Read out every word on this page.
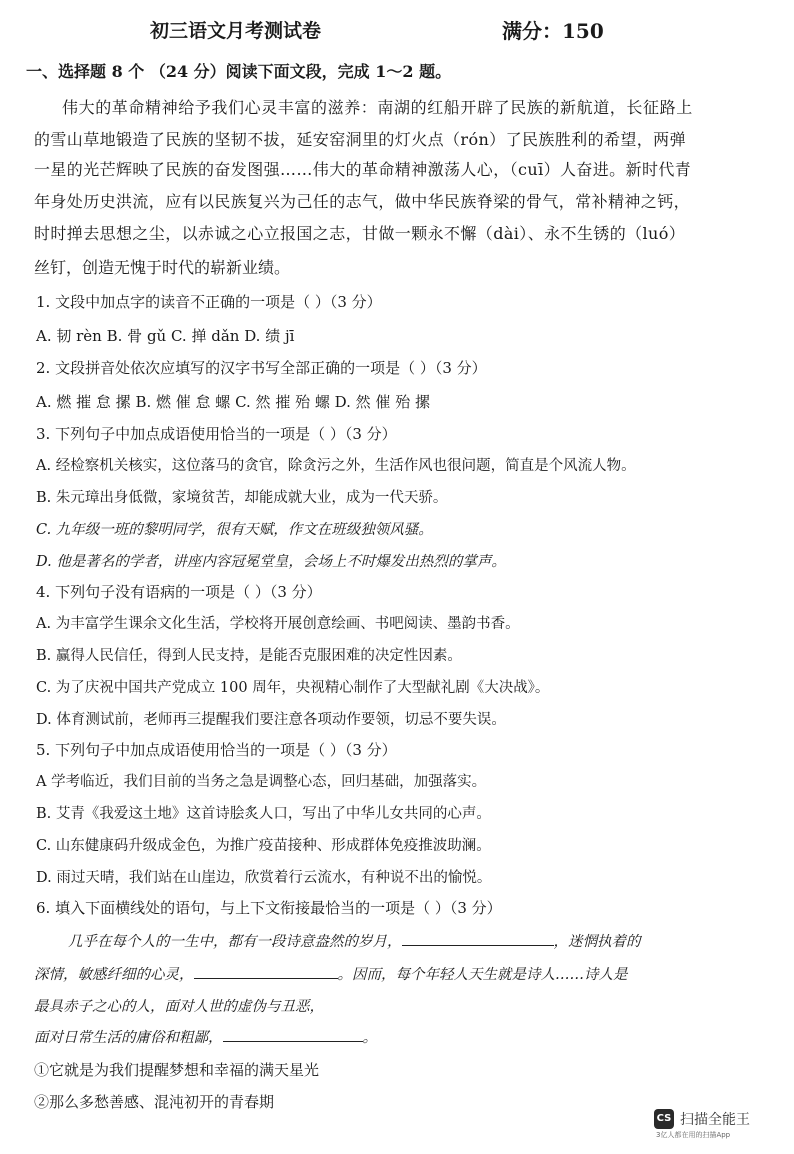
初三语文月考测试卷	满分：150
一、选择题 8 个 （24 分）阅读下面文段，完成 1～2 题。
伟大的革命精神给予我们心灵丰富的滋养：南湖的红船开辟了民族的新航道，长征路上
的雪山草地锻造了民族的坚韧不拔，延安窑洞里的灯火点（rón）了民族胜利的希望，两弹
一星的光芒辉映了民族的奋发图强……伟大的革命精神激荡人心，（cuī）人奋进。新时代青
年身处历史洪流，应有以民族复兴为己任的志气，做中华民族脊梁的骨气，常补精神之钙，
时时掸去思想之尘，以赤诚之心立报国之志，甘做一颗永不懈（dài）、永不生锈的（luó）
丝钉，创造无愧于时代的崭新业绩。
1. 文段中加点字的读音不正确的一项是（ ）（3 分）
A. 韧 rèn B. 骨 gǔ C. 掸 dǎn D. 绩 jī
2. 文段拼音处依次应填写的汉字书写全部正确的一项是（ ）（3 分）
A. 燃 摧 怠 摞 B. 燃 催 怠 螺 C. 然 摧 殆 螺 D. 然 催 殆 摞
3. 下列句子中加点成语使用恰当的一项是（ ）（3 分）
A. 经检察机关核实，这位落马的贪官，除贪污之外，生活作风也很问题，简直是个风流人物。
B. 朱元璋出身低微，家境贫苦，却能成就大业，成为一代天骄。
C. 九年级一班的黎明同学，很有天赋，作文在班级独领风骚。
D. 他是著名的学者，讲座内容冠冕堂皇，会场上不时爆发出热烈的掌声。
4. 下列句子没有语病的一项是（ ）（3 分）
A. 为丰富学生课余文化生活，学校将开展创意绘画、书吧阅读、墨韵书香。
B. 赢得人民信任，得到人民支持，是能否克服困难的决定性因素。
C. 为了庆祝中国共产党成立 100 周年，央视精心制作了大型献礼剧《大决战》。
D. 体育测试前，老师再三提醒我们要注意各项动作要领，切忌不要失误。
5. 下列句子中加点成语使用恰当的一项是（ ）（3 分）
A 学考临近，我们目前的当务之急是调整心态，回归基础，加强落实。
B. 艾青《我爱这土地》这首诗脍炙人口，写出了中华儿女共同的心声。
C. 山东健康码升级成金色，为推广疫苗接种、形成群体免疫推波助澜。
D. 雨过天晴，我们站在山崖边，欣赏着行云流水，有种说不出的愉悦。
6. 填入下面横线处的语句，与上下文衔接最恰当的一项是（ ）（3 分）
几乎在每个人的一生中，都有一段诗意盎然的岁月，	，迷惘执着的
深情，敏感纤细的心灵，	。因而，每个年轻人天生就是诗人……诗人是
最具赤子之心的人，面对人世的虚伪与丑恶，
面对日常生活的庸俗和粗鄙，	。
①它就是为我们提醒梦想和幸福的满天星光
②那么多愁善感、混沌初开的青春期
CS 扫描全能王
3亿人都在用的扫描App
